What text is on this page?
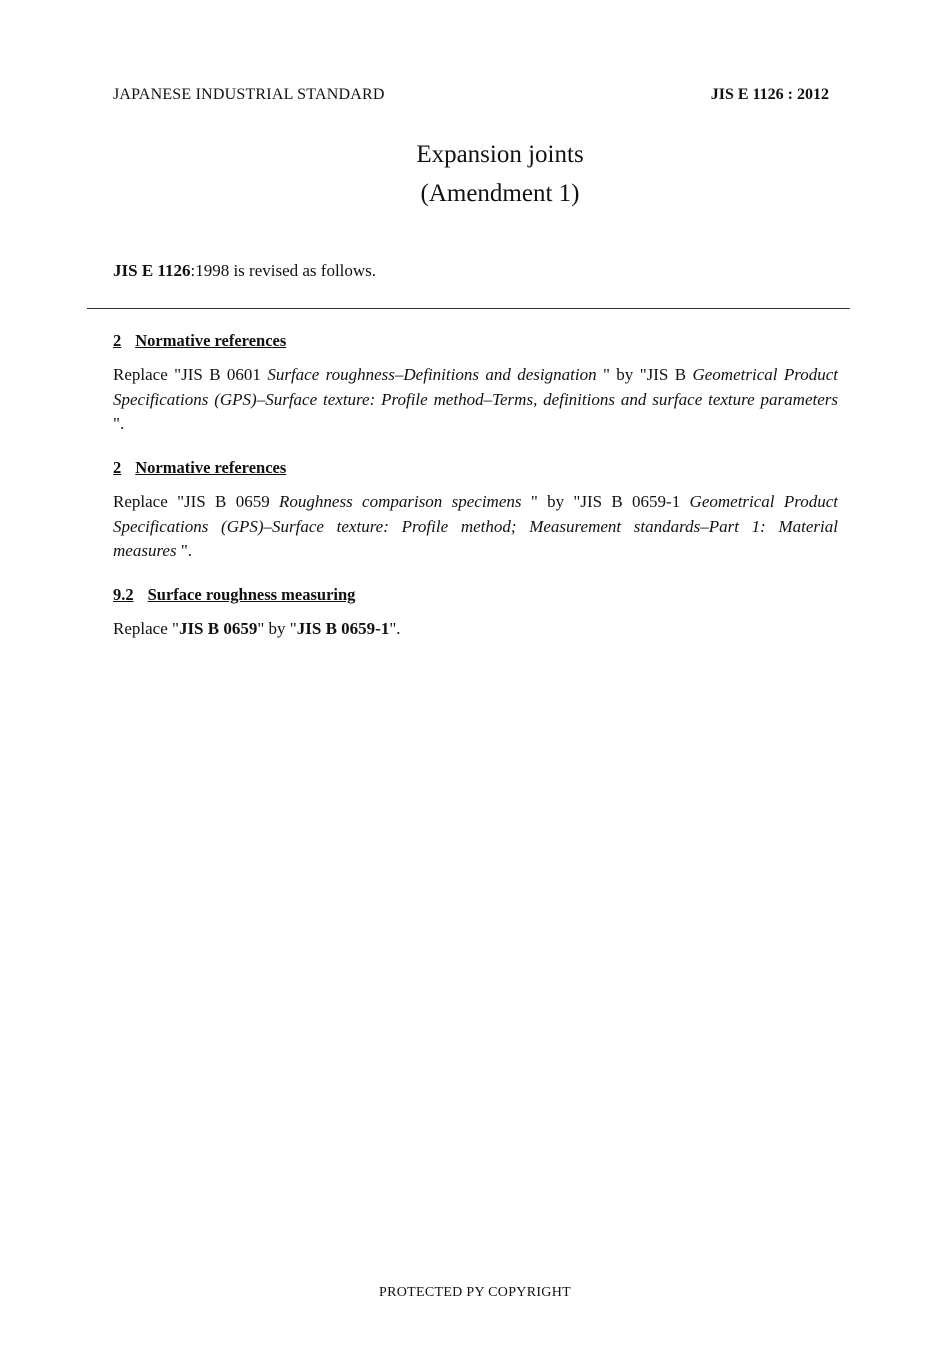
JAPANESE INDUSTRIAL STANDARD	JIS E 1126 : 2012
Expansion joints
(Amendment 1)
JIS E 1126:1998 is revised as follows.
2 Normative references
Replace "JIS B 0601 Surface roughness–Definitions and designation " by "JIS B Geometrical Product Specifications (GPS)–Surface texture: Profile method–Terms, definitions and surface texture parameters ".
2 Normative references
Replace "JIS B 0659 Roughness comparison specimens " by "JIS B 0659-1 Geometrical Product Specifications (GPS)–Surface texture: Profile method; Measurement standards–Part 1: Material measures ".
9.2 Surface roughness measuring
Replace "JIS B 0659" by "JIS B 0659-1".
PROTECTED PY COPYRIGHT
